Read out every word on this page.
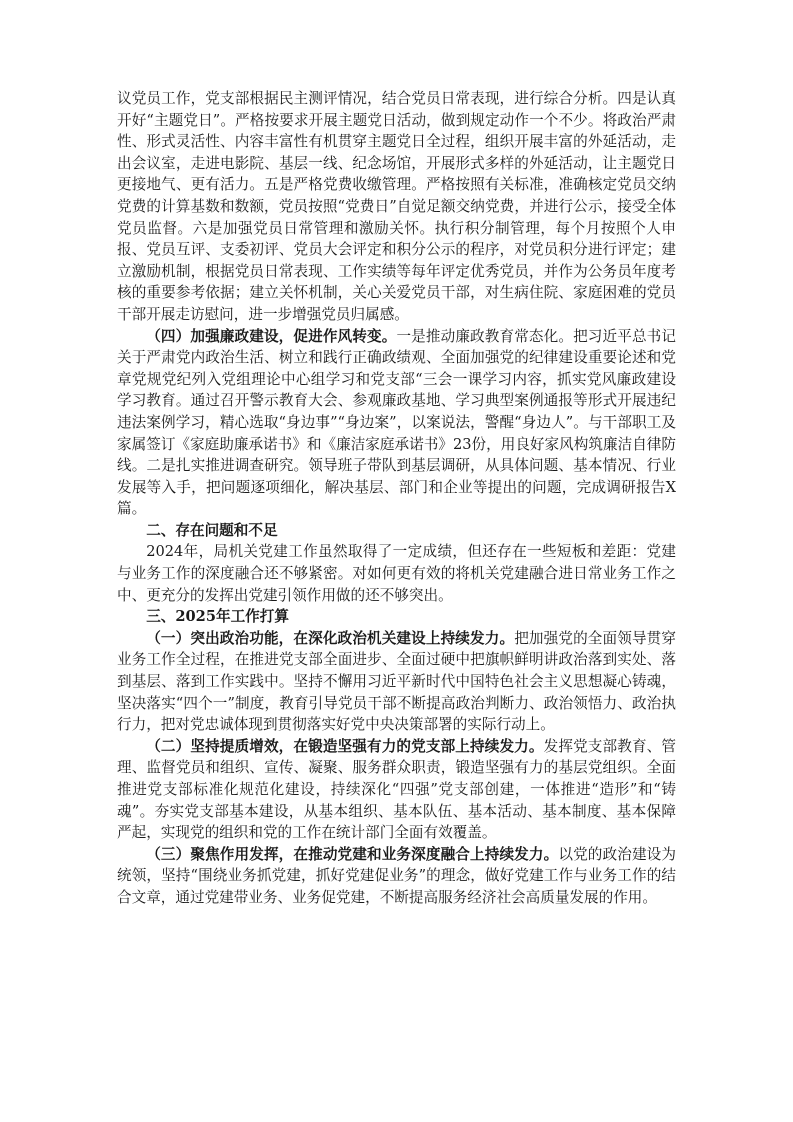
议党员工作，党支部根据民主测评情况，结合党员日常表现，进行综合分析。四是认真开好“主题党日”。严格按要求开展主题党日活动，做到规定动作一个不少。将政治严肃性、形式灵活性、内容丰富性有机贯穿主题党日全过程，组织开展丰富的外延活动，走出会议室，走进电影院、基层一线、纪念场馆，开展形式多样的外延活动，让主题党日更接地气、更有活力。五是严格党费收缴管理。严格按照有关标准，准确核定党员交纳党费的计算基数和数额，党员按照“党费日”自觉足额交纳党费，并进行公示，接受全体党员监督。六是加强党员日常管理和激励关怀。执行积分制管理，每个月按照个人申报、党员互评、支委初评、党员大会评定和积分公示的程序，对党员积分进行评定；建立激励机制，根据党员日常表现、工作实绩等每年评定优秀党员，并作为公务员年度考核的重要参考依据；建立关怀机制，关心关爱党员干部，对生病住院、家庭困难的党员干部开展走访慰问，进一步增强党员归属感。

（四）加强廉政建设，促进作风转变。一是推动廉政教育常态化。把习近平总书记关于严肃党内政治生活、树立和践行正确政绩观、全面加强党的纪律建设重要论述和党章党规党纪列入党组理论中心组学习和党支部“三会一课学习内容，抓实党风廉政建设学习教育。通过召开警示教育大会、参观廉政基地、学习典型案例通报等形式开展违纪违法案例学习，精心选取“身边事”“身边案”，以案说法，警醒“身边人”。与干部职工及家属签订《家庭助廉承诺书》和《廉洁家庭承诺书》23份，用良好家风构筑廉洁自律防线。二是扎实推进调查研究。领导班子带队到基层调研，从具体问题、基本情况、行业发展等入手，把问题逐项细化，解决基层、部门和企业等提出的问题，完成调研报告X篇。

二、存在问题和不足

2024年，局机关党建工作虽然取得了一定成绩，但还存在一些短板和差距：党建与业务工作的深度融合还不够紧密。对如何更有效的将机关党建融合进日常业务工作之中、更充分的发挥出党建引领作用做的还不够突出。

三、2025年工作打算

（一）突出政治功能，在深化政治机关建设上持续发力。把加强党的全面领导贯穿业务工作全过程，在推进党支部全面进步、全面过硬中把旗帜鲜明讲政治落到实处、落到基层、落到工作实践中。坚持不懈用习近平新时代中国特色社会主义思想凝心铸魂，坚决落实“四个一”制度，教育引导党员干部不断提高政治判断力、政治领悟力、政治执行力，把对党忠诚体现到贯彻落实好党中央决策部署的实际行动上。

（二）坚持提质增效，在锻造坚强有力的党支部上持续发力。发挥党支部教育、管理、监督党员和组织、宣传、凝聚、服务群众职责，锻造坚强有力的基层党组织。全面推进党支部标准化规范化建设，持续深化“四强”党支部创建，一体推进“造形”和“铸魂”。夯实党支部基本建设，从基本组织、基本队伍、基本活动、基本制度、基本保障严起，实现党的组织和党的工作在统计部门全面有效覆盖。

（三）聚焦作用发挥，在推动党建和业务深度融合上持续发力。以党的政治建设为统领，坚持“围绕业务抓党建，抓好党建促业务”的理念，做好党建工作与业务工作的结合文章，通过党建带业务、业务促党建，不断提高服务经济社会高质量发展的作用。
